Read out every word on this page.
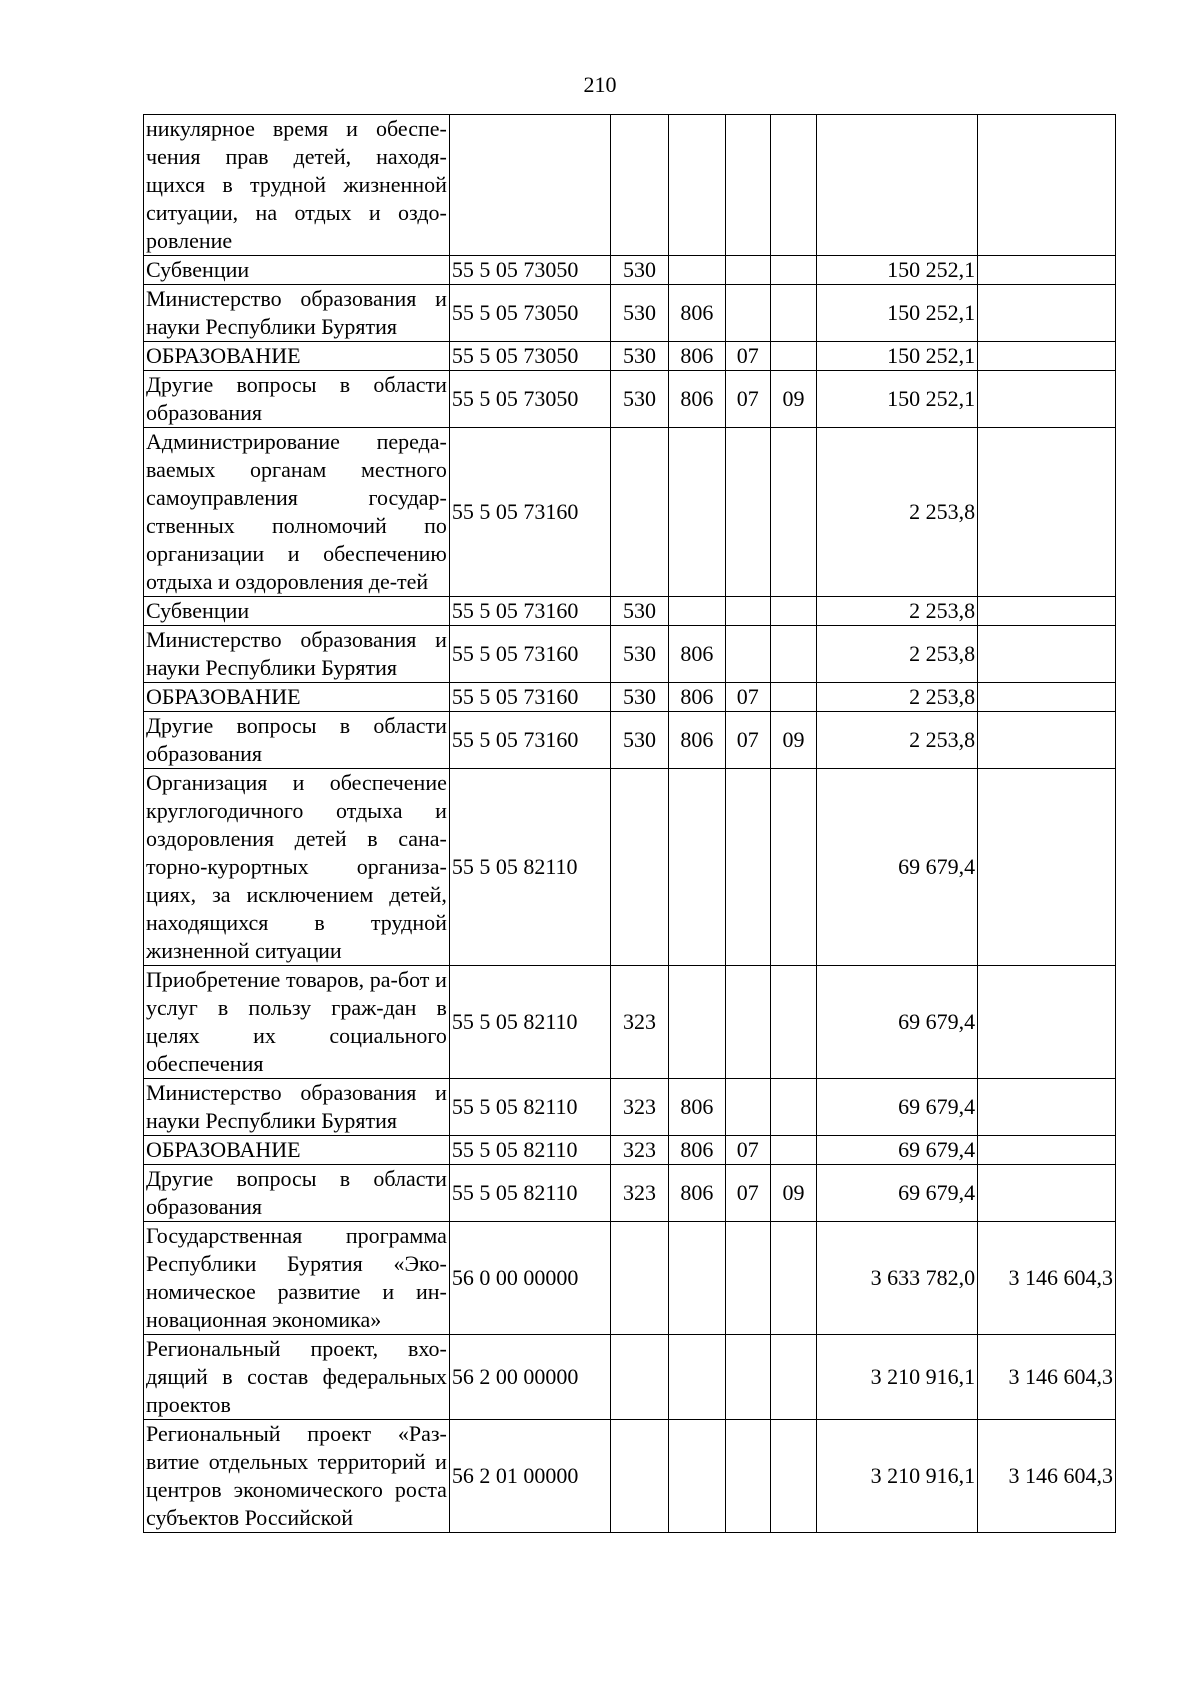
210
никулярное время и обеспе-чения прав детей, находя-щихся в трудной жизненной ситуации, на отдых и оздо-ровление							
Субвенции	55 5 05 73050	530				150 252,1	
Министерство образования и науки Республики Бурятия	55 5 05 73050	530	806			150 252,1	
ОБРАЗОВАНИЕ	55 5 05 73050	530	806	07		150 252,1	
Другие вопросы в области образования	55 5 05 73050	530	806	07	09	150 252,1	
Администрирование переда-ваемых органам местного самоуправления государ-ственных полномочий по организации и обеспечению отдыха и оздоровления де-тей	55 5 05 73160					2 253,8	
Субвенции	55 5 05 73160	530				2 253,8	
Министерство образования и науки Республики Бурятия	55 5 05 73160	530	806			2 253,8	
ОБРАЗОВАНИЕ	55 5 05 73160	530	806	07		2 253,8	
Другие вопросы в области образования	55 5 05 73160	530	806	07	09	2 253,8	
Организация и обеспечение круглогодичного отдыха и оздоровления детей в сана-торно-курортных организа-циях, за исключением детей, находящихся в трудной жизненной ситуации	55 5 05 82110					69 679,4	
Приобретение товаров, ра-бот и услуг в пользу граж-дан в целях их социального обеспечения	55 5 05 82110	323				69 679,4	
Министерство образования и науки Республики Бурятия	55 5 05 82110	323	806			69 679,4	
ОБРАЗОВАНИЕ	55 5 05 82110	323	806	07		69 679,4	
Другие вопросы в области образования	55 5 05 82110	323	806	07	09	69 679,4	
Государственная программа Республики Бурятия «Эко-номическое развитие и ин-новационная экономика»	56 0 00 00000					3 633 782,0	3 146 604,3
Региональный проект, вхо-дящий в состав федеральных проектов	56 2 00 00000					3 210 916,1	3 146 604,3
Региональный проект «Раз-витие отдельных территорий и центров экономического роста субъектов Российской	56 2 01 00000					3 210 916,1	3 146 604,3
